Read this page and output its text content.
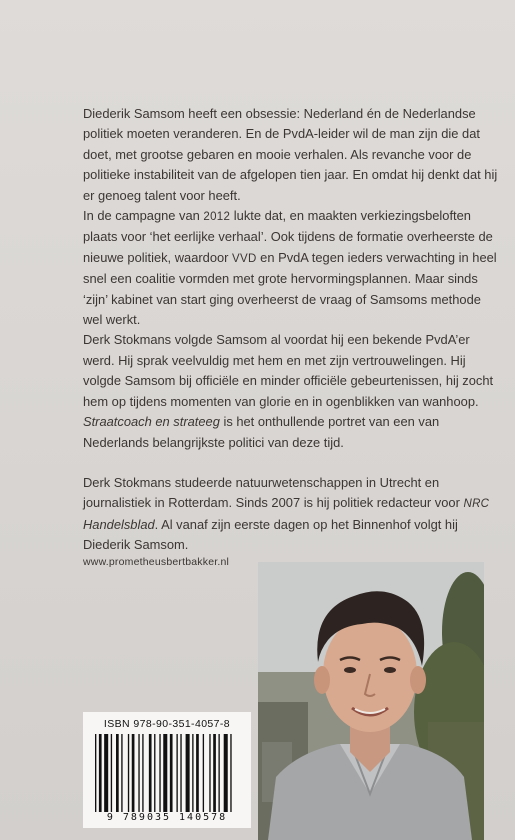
Diederik Samsom heeft een obsessie: Nederland én de Nederlandse politiek moeten veranderen. En de PvdA-leider wil de man zijn die dat doet, met grootse gebaren en mooie verhalen. Als revanche voor de politieke instabiliteit van de afgelopen tien jaar. En omdat hij denkt dat hij er genoeg talent voor heeft.

In de campagne van 2012 lukte dat, en maakten verkiezingsbeloften plaats voor ‘het eerlijke verhaal’. Ook tijdens de formatie overheerste de nieuwe politiek, waardoor VVD en PvdA tegen ieders verwachting in heel snel een coalitie vormden met grote hervormingsplannen. Maar sinds ‘zijn’ kabinet van start ging overheerst de vraag of Samsoms methode wel werkt.

Derk Stokmans volgde Samsom al voordat hij een bekende PvdA’er werd. Hij sprak veelvuldig met hem en met zijn vertrouwelingen. Hij volgde Samsom bij officiële en minder officiële gebeurtenissen, hij zocht hem op tijdens momenten van glorie en in ogenblikken van wanhoop. Straatcoach en strateeg is het onthullende portret van een van Nederlands belangrijkste politici van deze tijd.

Derk Stokmans studeerde natuurwetenschappen in Utrecht en journalistiek in Rotterdam. Sinds 2007 is hij politiek redacteur voor NRC Handelsblad. Al vanaf zijn eerste dagen op het Binnenhof volgt hij Diederik Samsom.

www.prometheusbertbakker.nl
ISBN 978-90-351-4057-8
9 789035 140578
